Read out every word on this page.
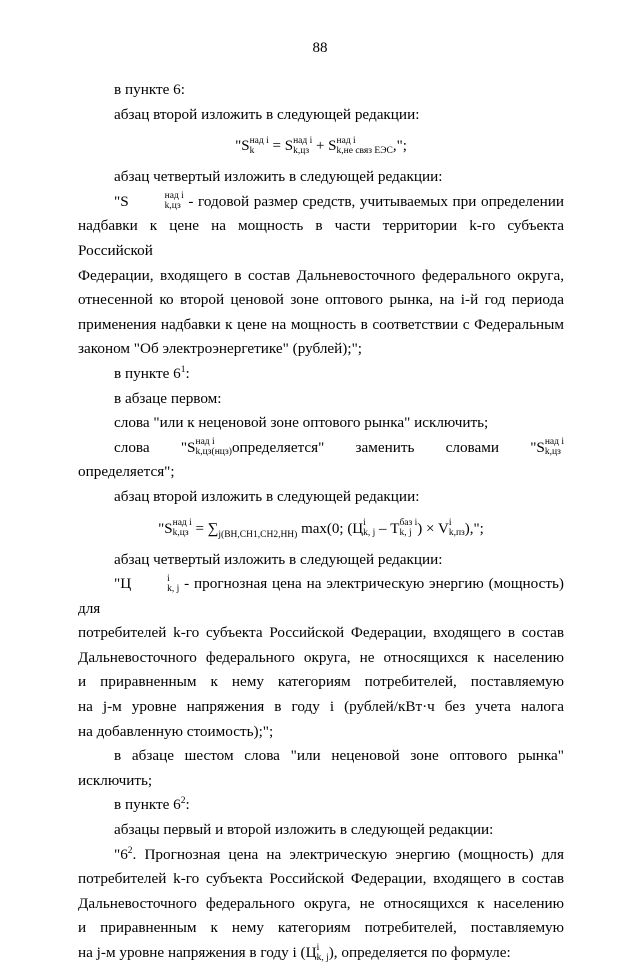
88

в пункте 6:

абзац второй изложить в следующей редакции:

"S над i
k	= S над i
k,цз + S над i
k,не связ ЕЭС ,";

абзац четвертый изложить в следующей редакции:

"S	над i
k,цз - годовой размер средств, учитываемых при определении

надбавки к цене на мощность в части территории k-го субъекта Российской

Федерации, входящего в состав Дальневосточного федерального округа,

отнесенной ко второй ценовой зоне оптового рынка, на i-й год периода

применения надбавки к цене на мощность в соответствии с Федеральным

законом "Об электроэнергетике" (рублей);";

в пункте $6^1$:

в абзаце первом:

слова "или к неценовой зоне оптового рынка" исключить;

слова "S над i
k,цз(нцз) определяется" заменить словами "S над i
k,цз

определяется";

абзац второй изложить в следующей редакции:

"S над i
$k,цз = \sum_{j(ВН,СН1,СН2,НН)}$ max(0; (Ц i
k, j – T баз i
k, j ) × V i
k,пз ),";

абзац четвертый изложить в следующей редакции:

"Ц	i
k, j - прогнозная цена на электрическую энергию (мощность) для

потребителей k-го субъекта Российской Федерации, входящего в состав

Дальневосточного федерального округа, не относящихся к населению

и приравненным к нему категориям потребителей, поставляемую

на j-м уровне напряжения в году i (рублей/кВт·ч без учета налога

на добавленную стоимость);";

в абзаце шестом слова "или неценовой зоне оптового рынка"

исключить;

в пункте $6^2$:

абзацы первый и второй изложить в следующей редакции:

"$6^2$. Прогнозная цена на электрическую энергию (мощность) для

потребителей k-го субъекта Российской Федерации, входящего в состав

Дальневосточного федерального округа, не относящихся к населению

и приравненным к нему категориям потребителей, поставляемую

на j-м уровне напряжения в году i (Ц i
k, j ), определяется по формуле:
